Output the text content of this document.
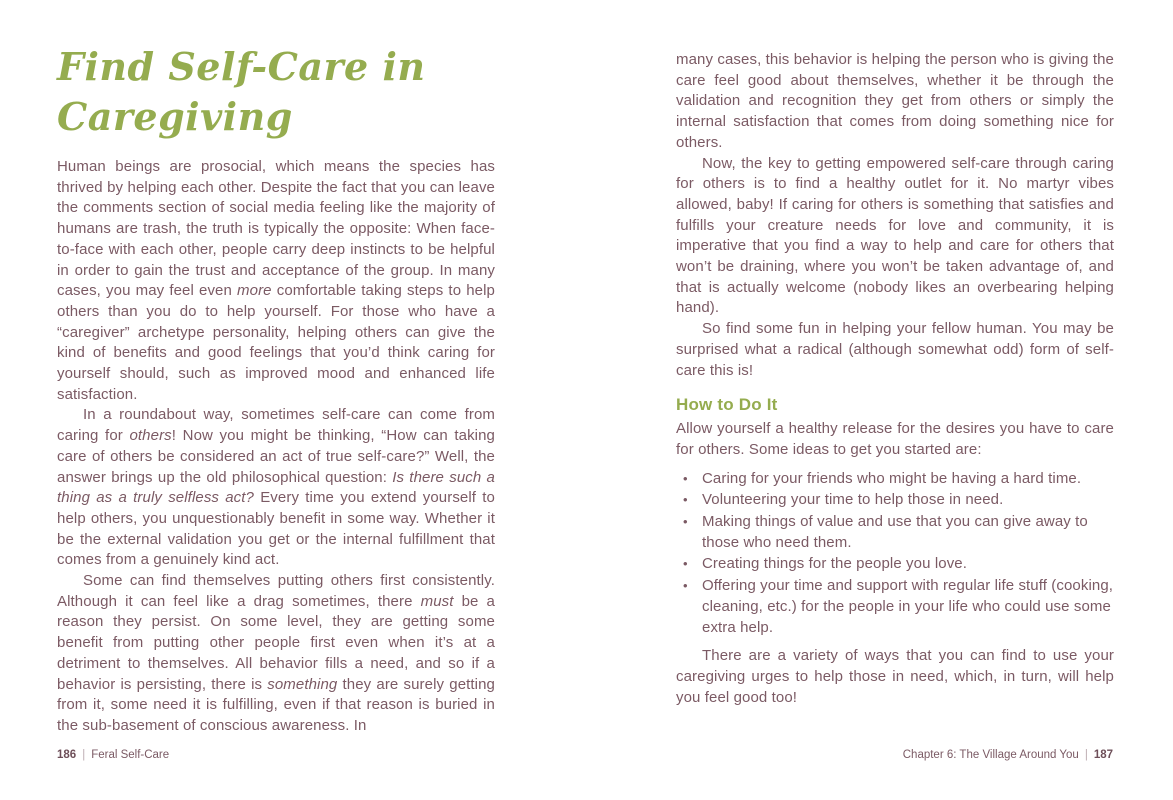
Find Self-Care in
Caregiving

Human beings are prosocial, which means the species has thrived by helping each other. Despite the fact that you can leave the comments section of social media feeling like the majority of humans are trash, the truth is typically the opposite: When face-to-face with each other, people carry deep instincts to be helpful in order to gain the trust and acceptance of the group. In many cases, you may feel even more comfortable taking steps to help others than you do to help yourself. For those who have a “caregiver” archetype personality, helping others can give the kind of benefits and good feelings that you’d think caring for yourself should, such as improved mood and enhanced life satisfaction.

In a roundabout way, sometimes self-care can come from caring for others! Now you might be thinking, “How can taking care of others be considered an act of true self-care?” Well, the answer brings up the old philosophical question: Is there such a thing as a truly selfless act? Every time you extend yourself to help others, you unquestionably benefit in some way. Whether it be the external validation you get or the internal fulfillment that comes from a genuinely kind act.

Some can find themselves putting others first consistently. Although it can feel like a drag sometimes, there must be a reason they persist. On some level, they are getting some benefit from putting other people first even when it’s at a detriment to themselves. All behavior fills a need, and so if a behavior is persisting, there is something they are surely getting from it, some need it is fulfilling, even if that reason is buried in the sub-basement of conscious awareness. In

many cases, this behavior is helping the person who is giving the care feel good about themselves, whether it be through the validation and recognition they get from others or simply the internal satisfaction that comes from doing something nice for others.

Now, the key to getting empowered self-care through caring for others is to find a healthy outlet for it. No martyr vibes allowed, baby! If caring for others is something that satisfies and fulfills your creature needs for love and community, it is imperative that you find a way to help and care for others that won’t be draining, where you won’t be taken advantage of, and that is actually welcome (nobody likes an overbearing helping hand).

So find some fun in helping your fellow human. You may be surprised what a radical (although somewhat odd) form of self-care this is!

How to Do It

Allow yourself a healthy release for the desires you have to care for others. Some ideas to get you started are:

• Caring for your friends who might be having a hard time.
• Volunteering your time to help those in need.
• Making things of value and use that you can give away to those who need them.
• Creating things for the people you love.
• Offering your time and support with regular life stuff (cooking, cleaning, etc.) for the people in your life who could use some extra help.

There are a variety of ways that you can find to use your caregiving urges to help those in need, which, in turn, will help you feel good too!

186 | Feral Self-Care	Chapter 6: The Village Around You | 187
